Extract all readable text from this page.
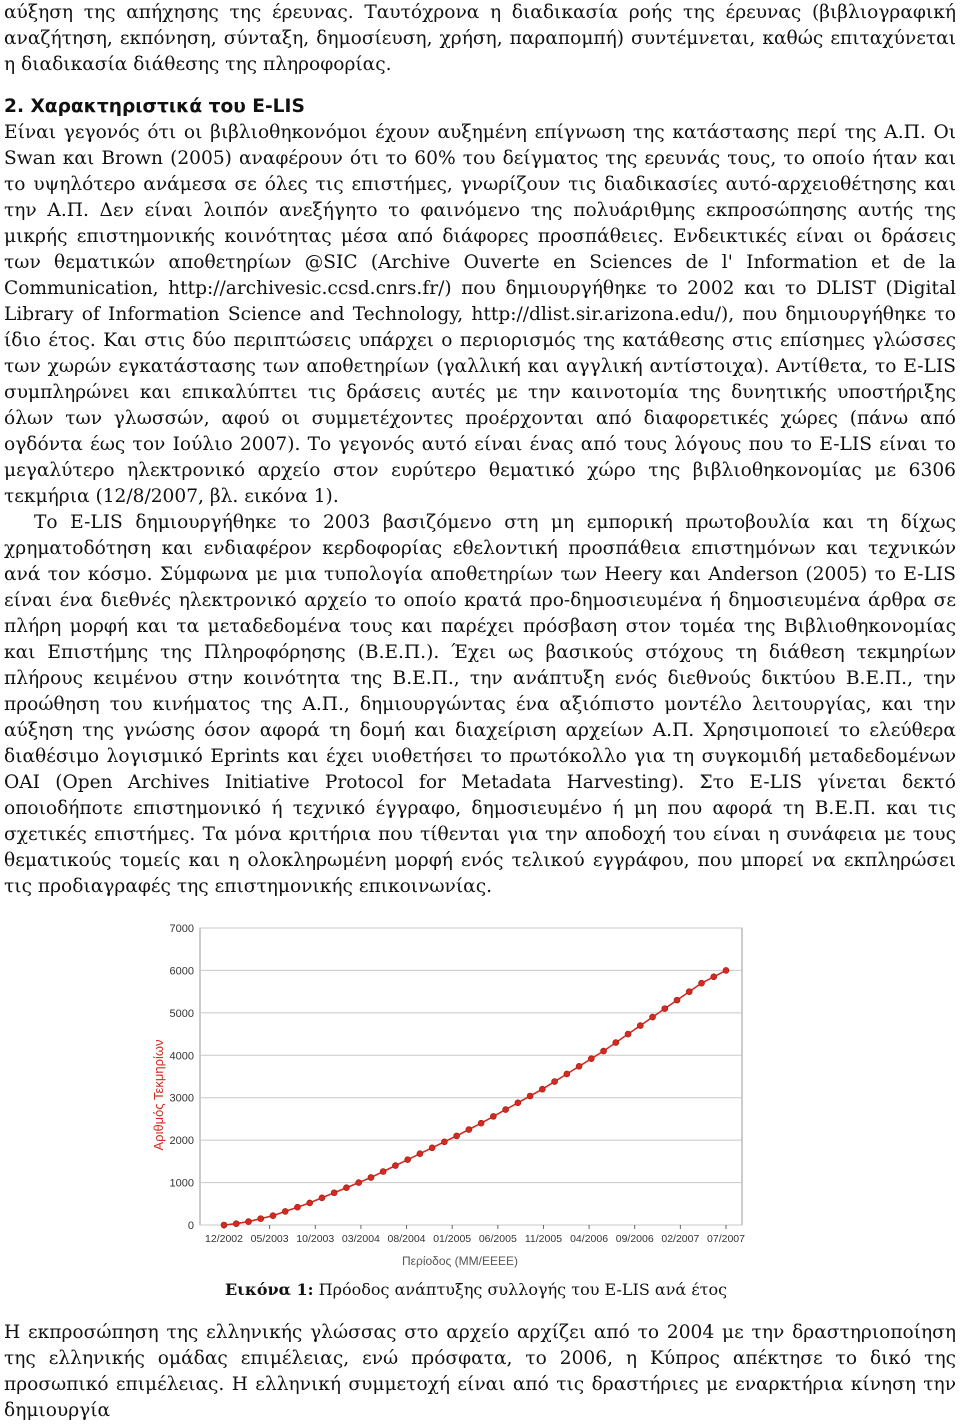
αύξηση της απήχησης της έρευνας. Ταυτόχρονα η διαδικασία ροής της έρευνας (βιβλιογραφική αναζήτηση, εκπόνηση, σύνταξη, δημοσίευση, χρήση, παραπομπή) συντέμνεται, καθώς επιταχύνεται η διαδικασία διάθεσης της πληροφορίας.

2. Χαρακτηριστικά του E-LIS

Είναι γεγονός ότι οι βιβλιοθηκονόμοι έχουν αυξημένη επίγνωση της κατάστασης περί της Α.Π. Οι Swan και Brown (2005) αναφέρουν ότι το 60% του δείγματος της ερευνάς τους, το οποίο ήταν και το υψηλότερο ανάμεσα σε όλες τις επιστήμες, γνωρίζουν τις διαδικασίες αυτό-αρχειοθέτησης και την Α.Π. Δεν είναι λοιπόν ανεξήγητο το φαινόμενο της πολυάριθμης εκπροσώπησης αυτής της μικρής επιστημονικής κοινότητας μέσα από διάφορες προσπάθειες. Ενδεικτικές είναι οι δράσεις των θεματικών αποθετηρίων @SIC (Archive Ouverte en Sciences de l' Information et de la Communication, http://archivesic.ccsd.cnrs.fr/) που δημιουργήθηκε το 2002 και το DLIST (Digital Library of Information Science and Technology, http://dlist.sir.arizona.edu/), που δημιουργήθηκε το ίδιο έτος. Και στις δύο περιπτώσεις υπάρχει ο περιορισμός της κατάθεσης στις επίσημες γλώσσες των χωρών εγκατάστασης των αποθετηρίων (γαλλική και αγγλική αντίστοιχα). Αντίθετα, το E-LIS συμπληρώνει και επικαλύπτει τις δράσεις αυτές με την καινοτομία της δυνητικής υποστήριξης όλων των γλωσσών, αφού οι συμμετέχοντες προέρχονται από διαφορετικές χώρες (πάνω από ογδόντα έως τον Ιούλιο 2007). Το γεγονός αυτό είναι ένας από τους λόγους που το E-LIS είναι το μεγαλύτερο ηλεκτρονικό αρχείο στον ευρύτερο θεματικό χώρο της βιβλιοθηκονομίας με 6306 τεκμήρια (12/8/2007, βλ. εικόνα 1).

Το E-LIS δημιουργήθηκε το 2003 βασιζόμενο στη μη εμπορική πρωτοβουλία και τη δίχως χρηματοδότηση και ενδιαφέρον κερδοφορίας εθελοντική προσπάθεια επιστημόνων και τεχνικών ανά τον κόσμο. Σύμφωνα με μια τυπολογία αποθετηρίων των Heery και Anderson (2005) το E-LIS είναι ένα διεθνές ηλεκτρονικό αρχείο το οποίο κρατά προ-δημοσιευμένα ή δημοσιευμένα άρθρα σε πλήρη μορφή και τα μεταδεδομένα τους και παρέχει πρόσβαση στον τομέα της Βιβλιοθηκονομίας και Επιστήμης της Πληροφόρησης (Β.Ε.Π.). Έχει ως βασικούς στόχους τη διάθεση τεκμηρίων πλήρους κειμένου στην κοινότητα της Β.Ε.Π., την ανάπτυξη ενός διεθνούς δικτύου Β.Ε.Π., την προώθηση του κινήματος της Α.Π., δημιουργώντας ένα αξιόπιστο μοντέλο λειτουργίας, και την αύξηση της γνώσης όσον αφορά τη δομή και διαχείριση αρχείων Α.Π. Χρησιμοποιεί το ελεύθερα διαθέσιμο λογισμικό Eprints και έχει υιοθετήσει το πρωτόκολλο για τη συγκομιδή μεταδεδομένων OAI (Open Archives Initiative Protocol for Metadata Harvesting). Στο E-LIS γίνεται δεκτό οποιοδήποτε επιστημονικό ή τεχνικό έγγραφο, δημοσιευμένο ή μη που αφορά τη Β.Ε.Π. και τις σχετικές επιστήμες. Τα μόνα κριτήρια που τίθενται για την αποδοχή του είναι η συνάφεια με τους θεματικούς τομείς και η ολοκληρωμένη μορφή ενός τελικού εγγράφου, που μπορεί να εκπληρώσει τις προδιαγραφές της επιστημονικής επικοινωνίας.

0
1000
2000
3000
4000
5000
6000
7000
12/2002 05/2003 10/2003 03/2004 08/2004 01/2005 06/2005 11/2005 04/2006 09/2006 02/2007 07/2007
Αριθμός Τεκμηρίων
Περίοδος (ΜΜ/ΕΕΕΕ)
Εικόνα 1: Πρόοδος ανάπτυξης συλλογής του E-LIS ανά έτος

Η εκπροσώπηση της ελληνικής γλώσσας στο αρχείο αρχίζει από το 2004 με την δραστηριοποίηση της ελληνικής ομάδας επιμέλειας, ενώ πρόσφατα, το 2006, η Κύπρος απέκτησε το δικό της προσωπικό επιμέλειας. Η ελληνική συμμετοχή είναι από τις δραστήριες με εναρκτήρια κίνηση την δημιουργία
